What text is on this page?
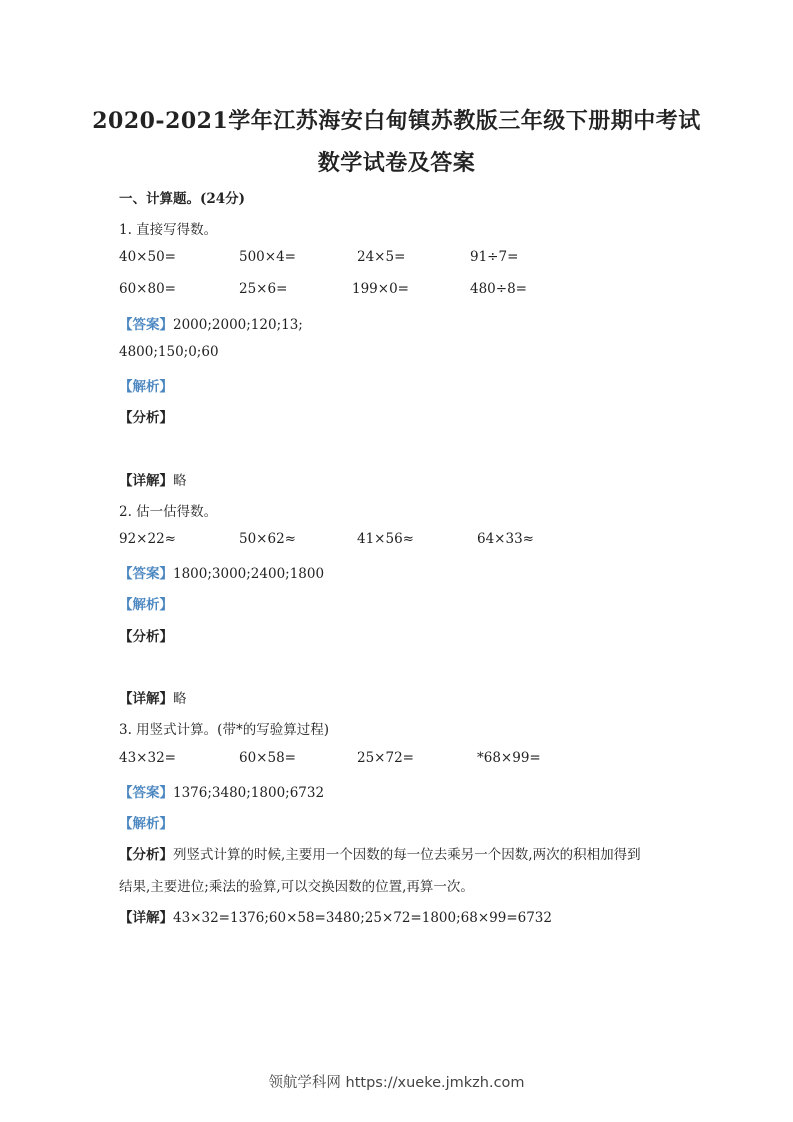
2020-2021学年江苏海安白甸镇苏教版三年级下册期中考试
数学试卷及答案
一、计算题。(24分)
1. 直接写得数。
40×50=	500×4=	24×5=	91÷7=
60×80=	25×6=	199×0=	480÷8=
【答案】2000;2000;120;13;
4800;150;0;60
【解析】
【分析】
【详解】略
2. 估一估得数。
92×22≈	50×62≈	41×56≈	64×33≈
【答案】1800;3000;2400;1800
【解析】
【分析】
【详解】略
3. 用竖式计算。(带*的写验算过程)
43×32=	60×58=	25×72=	*68×99=
【答案】1376;3480;1800;6732
【解析】
【分析】列竖式计算的时候,主要用一个因数的每一位去乘另一个因数,两次的积相加得到
结果,主要进位;乘法的验算,可以交换因数的位置,再算一次。
【详解】43×32=1376;60×58=3480;25×72=1800;68×99=6732
领航学科网 https://xueke.jmkzh.com
